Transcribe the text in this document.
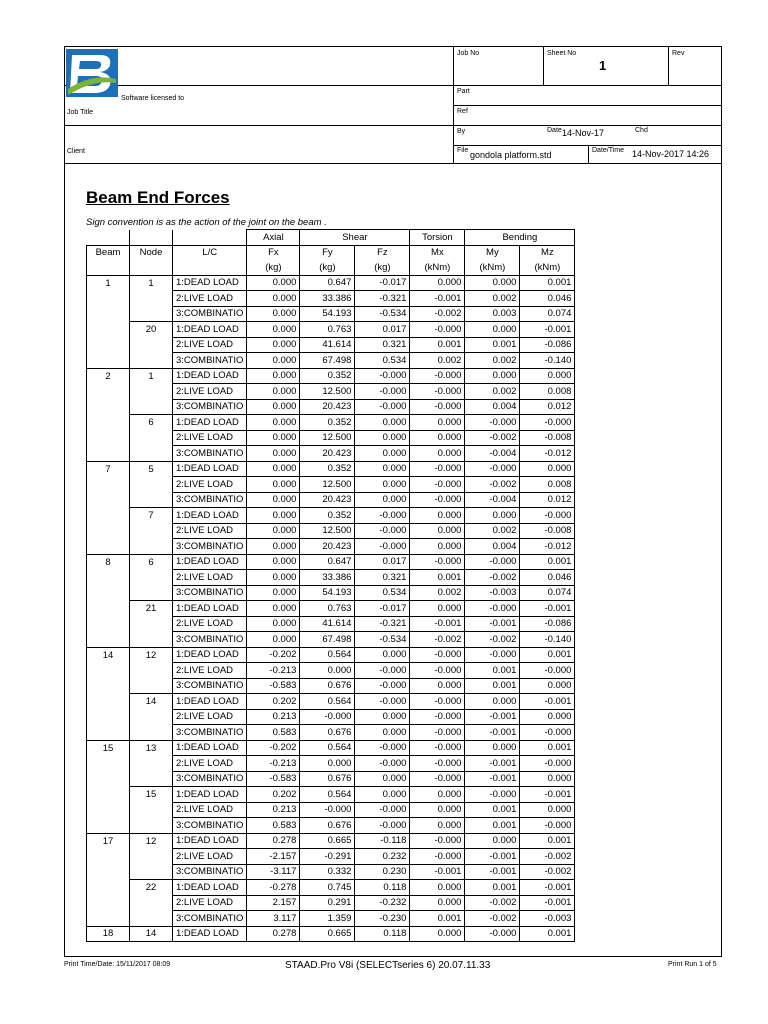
Software licensed to
Job No	Sheet No
1
Rev
Part
Job Title	Ref
By	Date 14-Nov-17	Chd
Client	File gondola platform.std	Date/Time 14-Nov-2017 14:26
Beam End Forces
Sign convention is as the action of the joint on the beam .
			Axial	Shear		Torsion	Bending	
Beam	Node	L/C	Fx	Fy	Fz	Mx	My	Mz
			(kg)	(kg)	(kg)	(kNm)	(kNm)	(kNm)
1	1	1:DEAD LOAD	0.000	0.647	-0.017	0.000	0.000	0.001
		2:LIVE LOAD	0.000	33.386	-0.321	-0.001	0.002	0.046
		3:COMBINATIO	0.000	54.193	-0.534	-0.002	0.003	0.074
	20	1:DEAD LOAD	0.000	0.763	0.017	-0.000	0.000	-0.001
		2:LIVE LOAD	0.000	41.614	0.321	0.001	0.001	-0.086
		3:COMBINATIO	0.000	67.498	0.534	0.002	0.002	-0.140
2	1	1:DEAD LOAD	0.000	0.352	-0.000	-0.000	0.000	0.000
		2:LIVE LOAD	0.000	12.500	-0.000	-0.000	0.002	0.008
		3:COMBINATIO	0.000	20.423	-0.000	-0.000	0.004	0.012
	6	1:DEAD LOAD	0.000	0.352	0.000	0.000	-0.000	-0.000
		2:LIVE LOAD	0.000	12.500	0.000	0.000	-0.002	-0.008
		3:COMBINATIO	0.000	20.423	0.000	0.000	-0.004	-0.012
7	5	1:DEAD LOAD	0.000	0.352	0.000	-0.000	-0.000	0.000
		2:LIVE LOAD	0.000	12.500	0.000	-0.000	-0.002	0.008
		3:COMBINATIO	0.000	20.423	0.000	-0.000	-0.004	0.012
	7	1:DEAD LOAD	0.000	0.352	-0.000	0.000	0.000	-0.000
		2:LIVE LOAD	0.000	12.500	-0.000	0.000	0.002	-0.008
		3:COMBINATIO	0.000	20.423	-0.000	0.000	0.004	-0.012
8	6	1:DEAD LOAD	0.000	0.647	0.017	-0.000	-0.000	0.001
		2:LIVE LOAD	0.000	33.386	0.321	0.001	-0.002	0.046
		3:COMBINATIO	0.000	54.193	0.534	0.002	-0.003	0.074
	21	1:DEAD LOAD	0.000	0.763	-0.017	0.000	-0.000	-0.001
		2:LIVE LOAD	0.000	41.614	-0.321	-0.001	-0.001	-0.086
		3:COMBINATIO	0.000	67.498	-0.534	-0.002	-0.002	-0.140
14	12	1:DEAD LOAD	-0.202	0.564	0.000	-0.000	-0.000	0.001
		2:LIVE LOAD	-0.213	0.000	-0.000	-0.000	0.001	-0.000
		3:COMBINATIO	-0.583	0.676	-0.000	0.000	0.001	0.000
	14	1:DEAD LOAD	0.202	0.564	-0.000	-0.000	0.000	-0.001
		2:LIVE LOAD	0.213	-0.000	0.000	-0.000	-0.001	0.000
		3:COMBINATIO	0.583	0.676	0.000	-0.000	-0.001	-0.000
15	13	1:DEAD LOAD	-0.202	0.564	-0.000	-0.000	0.000	0.001
		2:LIVE LOAD	-0.213	0.000	-0.000	-0.000	-0.001	-0.000
		3:COMBINATIO	-0.583	0.676	0.000	-0.000	-0.001	0.000
	15	1:DEAD LOAD	0.202	0.564	0.000	0.000	-0.000	-0.001
		2:LIVE LOAD	0.213	-0.000	-0.000	0.000	0.001	0.000
		3:COMBINATIO	0.583	0.676	-0.000	0.000	0.001	-0.000
17	12	1:DEAD LOAD	0.278	0.665	-0.118	-0.000	0.000	0.001
		2:LIVE LOAD	-2.157	-0.291	0.232	-0.000	-0.001	-0.002
		3:COMBINATIO	-3.117	0.332	0.230	-0.001	-0.001	-0.002
	22	1:DEAD LOAD	-0.278	0.745	0.118	0.000	0.001	-0.001
		2:LIVE LOAD	2.157	0.291	-0.232	0.000	-0.002	-0.001
		3:COMBINATIO	3.117	1.359	-0.230	0.001	-0.002	-0.003
18	14	1:DEAD LOAD	0.278	0.665	0.118	0.000	-0.000	0.001
Print Time/Date: 15/11/2017 08:09	STAAD.Pro V8i (SELECTseries 6) 20.07.11.33	Print Run 1 of 5
